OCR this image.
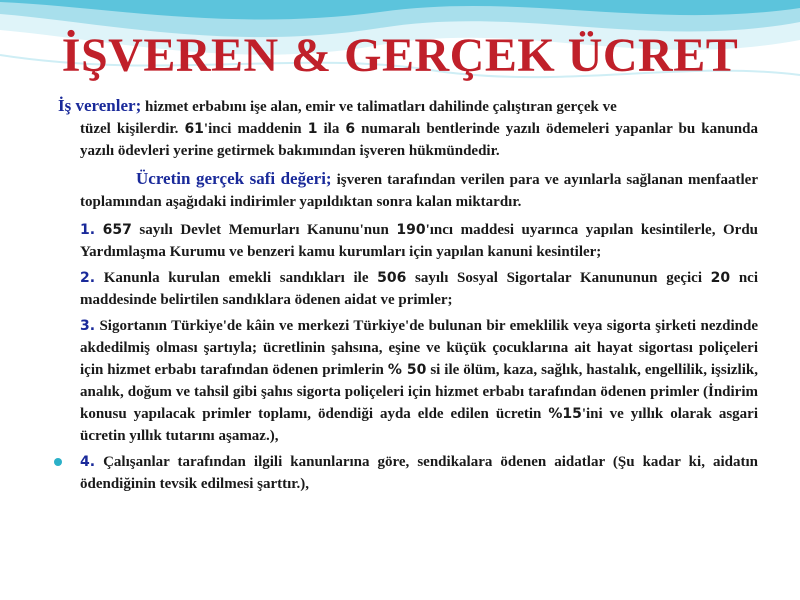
İŞVEREN & GERÇEK ÜCRET

İş verenler; hizmet erbabını işe alan, emir ve talimatları dahilinde çalıştıran gerçek ve
tüzel kişilerdir. 61'inci maddenin 1 ila 6 numaralı bentlerinde yazılı ödemeleri yapanlar bu kanunda yazılı ödevleri yerine getirmek bakımından işveren hükmündedir.

Ücretin gerçek safi değeri; işveren tarafından verilen para ve ayınlarla sağlanan menfaatler toplamından aşağıdaki indirimler yapıldıktan sonra kalan miktardır.

1. 657 sayılı Devlet Memurları Kanunu'nun 190'ıncı maddesi uyarınca yapılan kesintilerle, Ordu Yardımlaşma Kurumu ve benzeri kamu kurumları için yapılan kanuni kesintiler;

2. Kanunla kurulan emekli sandıkları ile 506 sayılı Sosyal Sigortalar Kanununun geçici 20 nci maddesinde belirtilen sandıklara ödenen aidat ve primler;

3. Sigortanın Türkiye'de kâin ve merkezi Türkiye'de bulunan bir emeklilik veya sigorta şirketi nezdinde akdedilmiş olması şartıyla; ücretlinin şahsına, eşine ve küçük çocuklarına ait hayat sigortası poliçeleri için hizmet erbabı tarafından ödenen primlerin % 50 si ile ölüm, kaza, sağlık, hastalık, engellilik, işsizlik, analık, doğum ve tahsil gibi şahıs sigorta poliçeleri için hizmet erbabı tarafından ödenen primler (İndirim konusu yapılacak primler toplamı, ödendiği ayda elde edilen ücretin %15'ini ve yıllık olarak asgari ücretin yıllık tutarını aşamaz.),

4. Çalışanlar tarafından ilgili kanunlarına göre, sendikalara ödenen aidatlar (Şu kadar ki, aidatın ödendiğinin tevsik edilmesi şarttır.),
